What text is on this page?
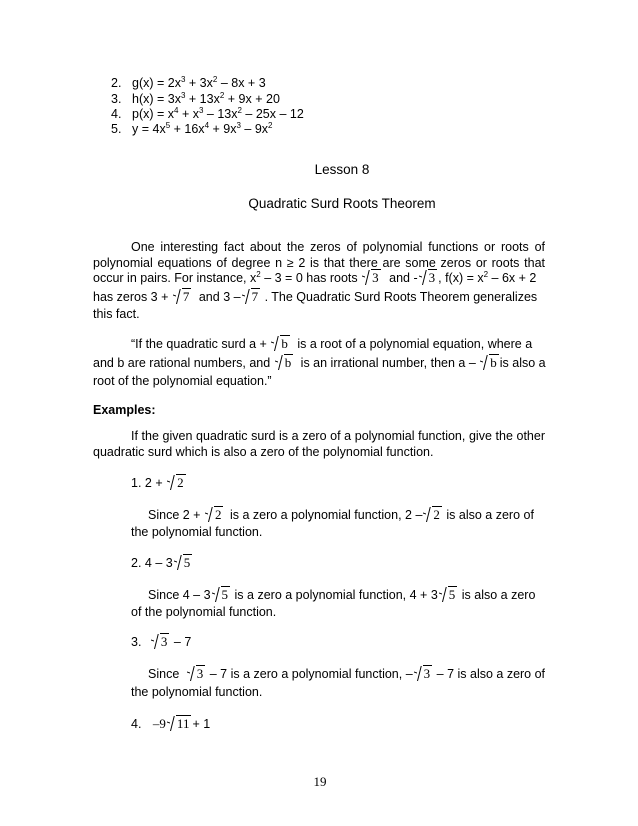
2. $g(x) = 2x^3 + 3x^2 - 8x + 3$
3. $h(x) = 3x^3 + 13x^2 + 9x + 20$
4. $p(x) = x^4 + x^3 - 13x^2 - 25x - 12$
5. $y = 4x^5 + 16x^4 + 9x^3 - 9x^2$
Lesson 8
Quadratic Surd Roots Theorem
One interesting fact about the zeros of polynomial functions or roots of
polynomial equations of degree n ≥ 2 is that there are some zeros or roots that
occur in pairs. For instance, $x^2 - 3 = 0$ has roots 3 and - 3 , $f(x) = x^2 - 6x + 2$
has zeros 3 + 7 and 3 – 7 . The Quadratic Surd Roots Theorem generalizes
this fact.
“If the quadratic surd a + b is a root of a polynomial equation, where a
and b are rational numbers, and b is an irrational number, then a – b is also a
root of the polynomial equation.”
Examples:
If the given quadratic surd is a zero of a polynomial function, give the other
quadratic surd which is also a zero of the polynomial function.
1. 2 + 2
Since 2 + 2 is a zero a polynomial function, 2 – 2 is also a zero of
the polynomial function.
2. 4 – 3 5
Since 4 – 3 5 is a zero a polynomial function, 4 + 3 5 is also a zero
of the polynomial function.
3. 3 – 7
Since 3 – 7 is a zero a polynomial function, – 3 – 7 is also a zero of
the polynomial function.
4. –9 11 + 1
19
